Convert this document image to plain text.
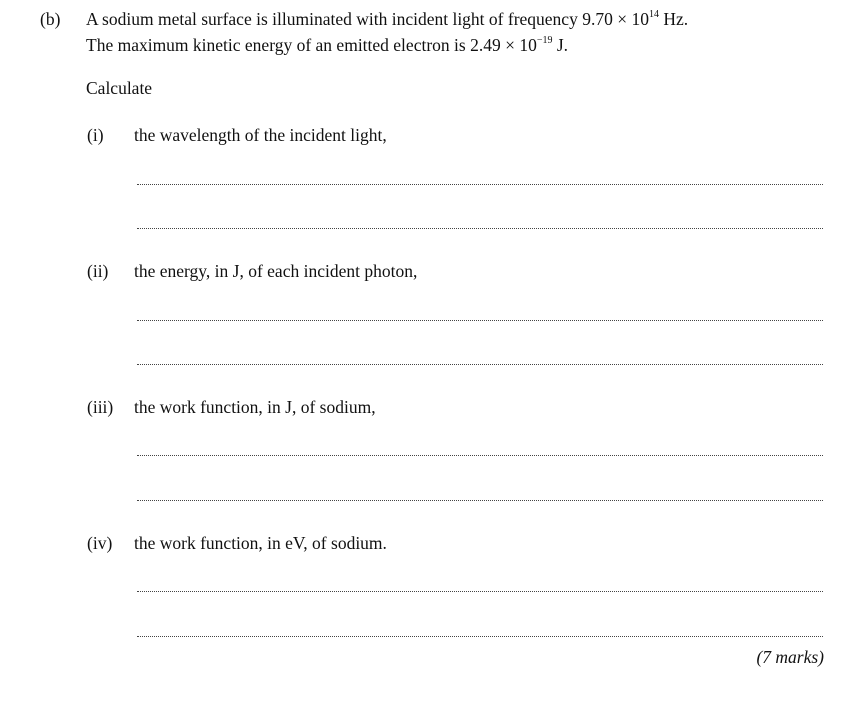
(b) A sodium metal surface is illuminated with incident light of frequency $9.70 \times 10^{14}$ Hz.
The maximum kinetic energy of an emitted electron is $2.49 \times 10^{-19}$ J.
Calculate
(i) the wavelength of the incident light,
(ii) the energy, in J, of each incident photon,
(iii) the work function, in J, of sodium,
(iv) the work function, in eV, of sodium.
(7 marks)
